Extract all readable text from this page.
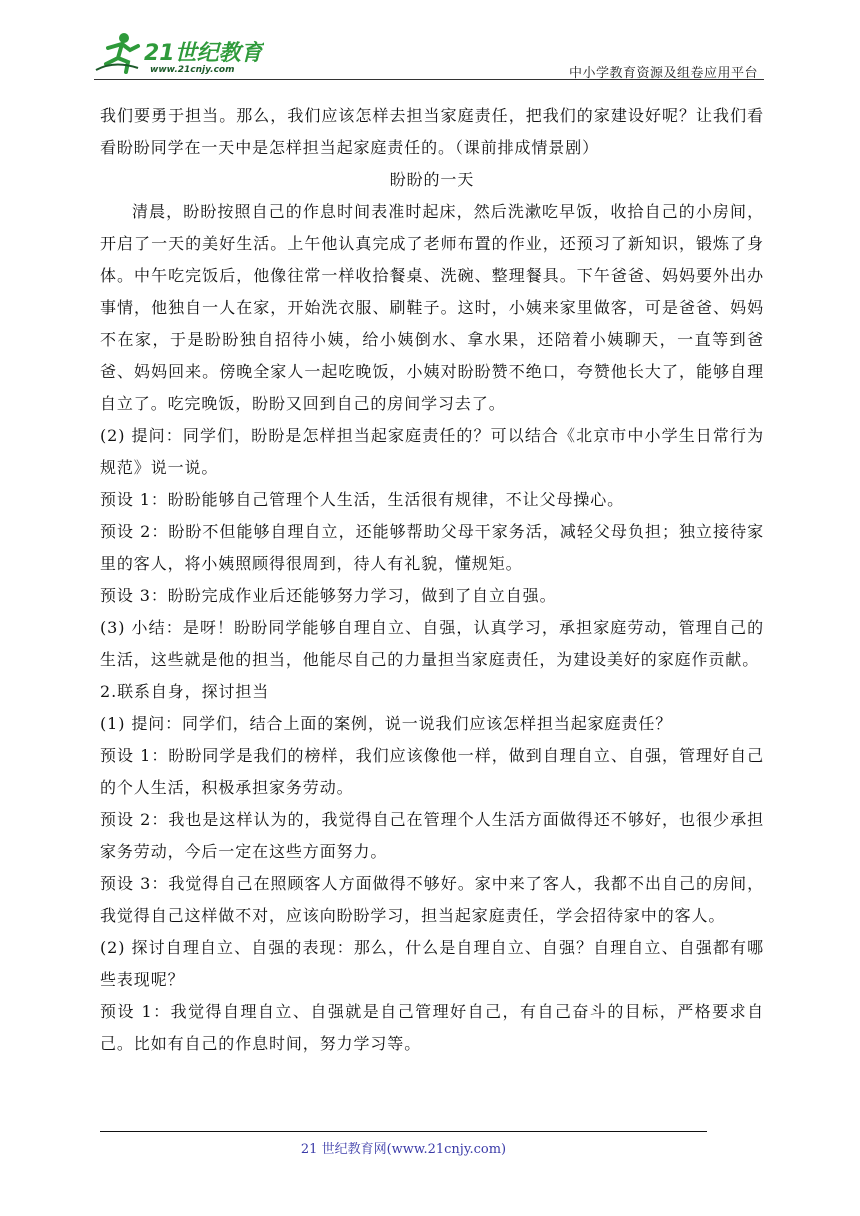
21世纪教育
www.21cnjy.com	中小学教育资源及组卷应用平台

我们要勇于担当。那么，我们应该怎样去担当家庭责任，把我们的家建设好呢？让我们看看盼盼同学在一天中是怎样担当起家庭责任的。（课前排成情景剧）

盼盼的一天

清晨，盼盼按照自己的作息时间表准时起床，然后洗漱吃早饭，收拾自己的小房间，开启了一天的美好生活。上午他认真完成了老师布置的作业，还预习了新知识，锻炼了身体。中午吃完饭后，他像往常一样收拾餐桌、洗碗、整理餐具。下午爸爸、妈妈要外出办事情，他独自一人在家，开始洗衣服、刷鞋子。这时，小姨来家里做客，可是爸爸、妈妈不在家，于是盼盼独自招待小姨，给小姨倒水、拿水果，还陪着小姨聊天，一直等到爸爸、妈妈回来。傍晚全家人一起吃晚饭，小姨对盼盼赞不绝口，夸赞他长大了，能够自理自立了。吃完晚饭，盼盼又回到自己的房间学习去了。

(2) 提问：同学们，盼盼是怎样担当起家庭责任的？可以结合《北京市中小学生日常行为规范》说一说。

预设 1：盼盼能够自己管理个人生活，生活很有规律，不让父母操心。

预设 2：盼盼不但能够自理自立，还能够帮助父母干家务活，减轻父母负担；独立接待家里的客人，将小姨照顾得很周到，待人有礼貌，懂规矩。

预设 3：盼盼完成作业后还能够努力学习，做到了自立自强。

(3) 小结：是呀！盼盼同学能够自理自立、自强，认真学习，承担家庭劳动，管理自己的生活，这些就是他的担当，他能尽自己的力量担当家庭责任，为建设美好的家庭作贡献。

2.联系自身，探讨担当

(1) 提问：同学们，结合上面的案例，说一说我们应该怎样担当起家庭责任？

预设 1：盼盼同学是我们的榜样，我们应该像他一样，做到自理自立、自强，管理好自己的个人生活，积极承担家务劳动。

预设 2：我也是这样认为的，我觉得自己在管理个人生活方面做得还不够好，也很少承担家务劳动，今后一定在这些方面努力。

预设 3：我觉得自己在照顾客人方面做得不够好。家中来了客人，我都不出自己的房间，我觉得自己这样做不对，应该向盼盼学习，担当起家庭责任，学会招待家中的客人。

(2) 探讨自理自立、自强的表现：那么，什么是自理自立、自强？自理自立、自强都有哪些表现呢？

预设 1：我觉得自理自立、自强就是自己管理好自己，有自己奋斗的目标，严格要求自己。比如有自己的作息时间，努力学习等。

21 世纪教育网(www.21cnjy.com)
